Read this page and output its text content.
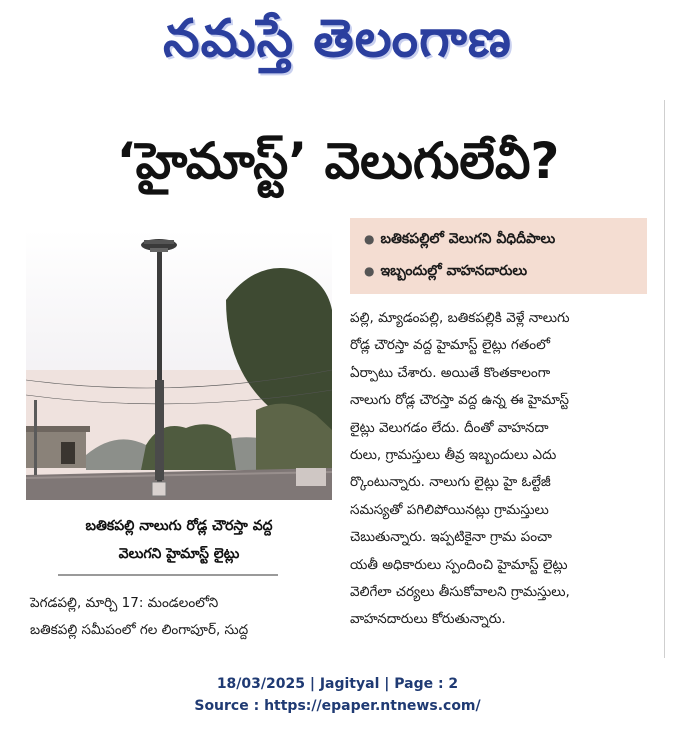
నమస్తే తెలంగాణ
‘హైమాస్ట్’ వెలుగులేవీ?
● బతికపల్లిలో వెలుగని వీధిదీపాలు
● ఇబ్బందుల్లో వాహనదారులు
బతికపల్లి నాలుగు రోడ్ల చౌరస్తా వద్ద
వెలుగని హైమాస్ట్ లైట్లు
పెగడపల్లి, మార్చి 17: మండలంలోని
బతికపల్లి సమీపంలో గల లింగాపూర్, సుద్ద
పల్లి, మ్యాడంపల్లి, బతికపల్లికి వెళ్లే నాలుగు
రోడ్ల చౌరస్తా వద్ద హైమాస్ట్ లైట్లు గతంలో
ఏర్పాటు చేశారు. అయితే కొంతకాలంగా
నాలుగు రోడ్ల చౌరస్తా వద్ద ఉన్న ఈ హైమాస్ట్
లైట్లు వెలుగడం లేదు. దీంతో వాహనదా
రులు, గ్రామస్తులు తీవ్ర ఇబ్బందులు ఎదు
ర్కొంటున్నారు. నాలుగు లైట్లు హై ఓల్టేజీ
సమస్యతో పగిలిపోయినట్లు గ్రామస్తులు
చెబుతున్నారు. ఇప్పటికైనా గ్రామ పంచా
యతీ అధికారులు స్పందించి హైమాస్ట్ లైట్లు
వెలిగేలా చర్యలు తీసుకోవాలని గ్రామస్తులు,
వాహనదారులు కోరుతున్నారు.
18/03/2025 | Jagityal | Page : 2
Source : https://epaper.ntnews.com/
